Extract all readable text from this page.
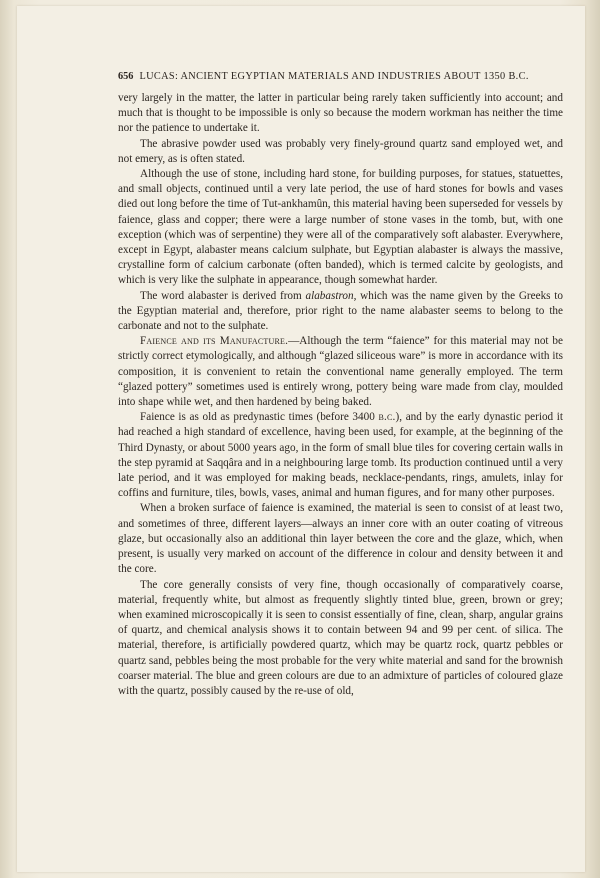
656 LUCAS: ANCIENT EGYPTIAN MATERIALS AND INDUSTRIES ABOUT 1350 B.C.

very largely in the matter, the latter in particular being rarely taken sufficiently into account; and much that is thought to be impossible is only so because the modern workman has neither the time nor the patience to undertake it.

The abrasive powder used was probably very finely-ground quartz sand employed wet, and not emery, as is often stated.

Although the use of stone, including hard stone, for building purposes, for statues, statuettes, and small objects, continued until a very late period, the use of hard stones for bowls and vases died out long before the time of Tut-ankhamûn, this material having been superseded for vessels by faience, glass and copper; there were a large number of stone vases in the tomb, but, with one exception (which was of serpentine) they were all of the comparatively soft alabaster. Everywhere, except in Egypt, alabaster means calcium sulphate, but Egyptian alabaster is always the massive, crystalline form of calcium carbonate (often banded), which is termed calcite by geologists, and which is very like the sulphate in appearance, though somewhat harder.

The word alabaster is derived from alabastron, which was the name given by the Greeks to the Egyptian material and, therefore, prior right to the name alabaster seems to belong to the carbonate and not to the sulphate.

Faience and its Manufacture.—Although the term “faience” for this material may not be strictly correct etymologically, and although “glazed siliceous ware” is more in accordance with its composition, it is convenient to retain the conventional name generally employed. The term “glazed pottery” sometimes used is entirely wrong, pottery being ware made from clay, moulded into shape while wet, and then hardened by being baked.

Faience is as old as predynastic times (before 3400 b.c.), and by the early dynastic period it had reached a high standard of excellence, having been used, for example, at the beginning of the Third Dynasty, or about 5000 years ago, in the form of small blue tiles for covering certain walls in the step pyramid at Saqqâra and in a neighbouring large tomb. Its production continued until a very late period, and it was employed for making beads, necklace-pendants, rings, amulets, inlay for coffins and furniture, tiles, bowls, vases, animal and human figures, and for many other purposes.

When a broken surface of faience is examined, the material is seen to consist of at least two, and sometimes of three, different layers—always an inner core with an outer coating of vitreous glaze, but occasionally also an additional thin layer between the core and the glaze, which, when present, is usually very marked on account of the difference in colour and density between it and the core.

The core generally consists of very fine, though occasionally of comparatively coarse, material, frequently white, but almost as frequently slightly tinted blue, green, brown or grey; when examined microscopically it is seen to consist essentially of fine, clean, sharp, angular grains of quartz, and chemical analysis shows it to contain between 94 and 99 per cent. of silica. The material, therefore, is artificially powdered quartz, which may be quartz rock, quartz pebbles or quartz sand, pebbles being the most probable for the very white material and sand for the brownish coarser material. The blue and green colours are due to an admixture of particles of coloured glaze with the quartz, possibly caused by the re-use of old,
